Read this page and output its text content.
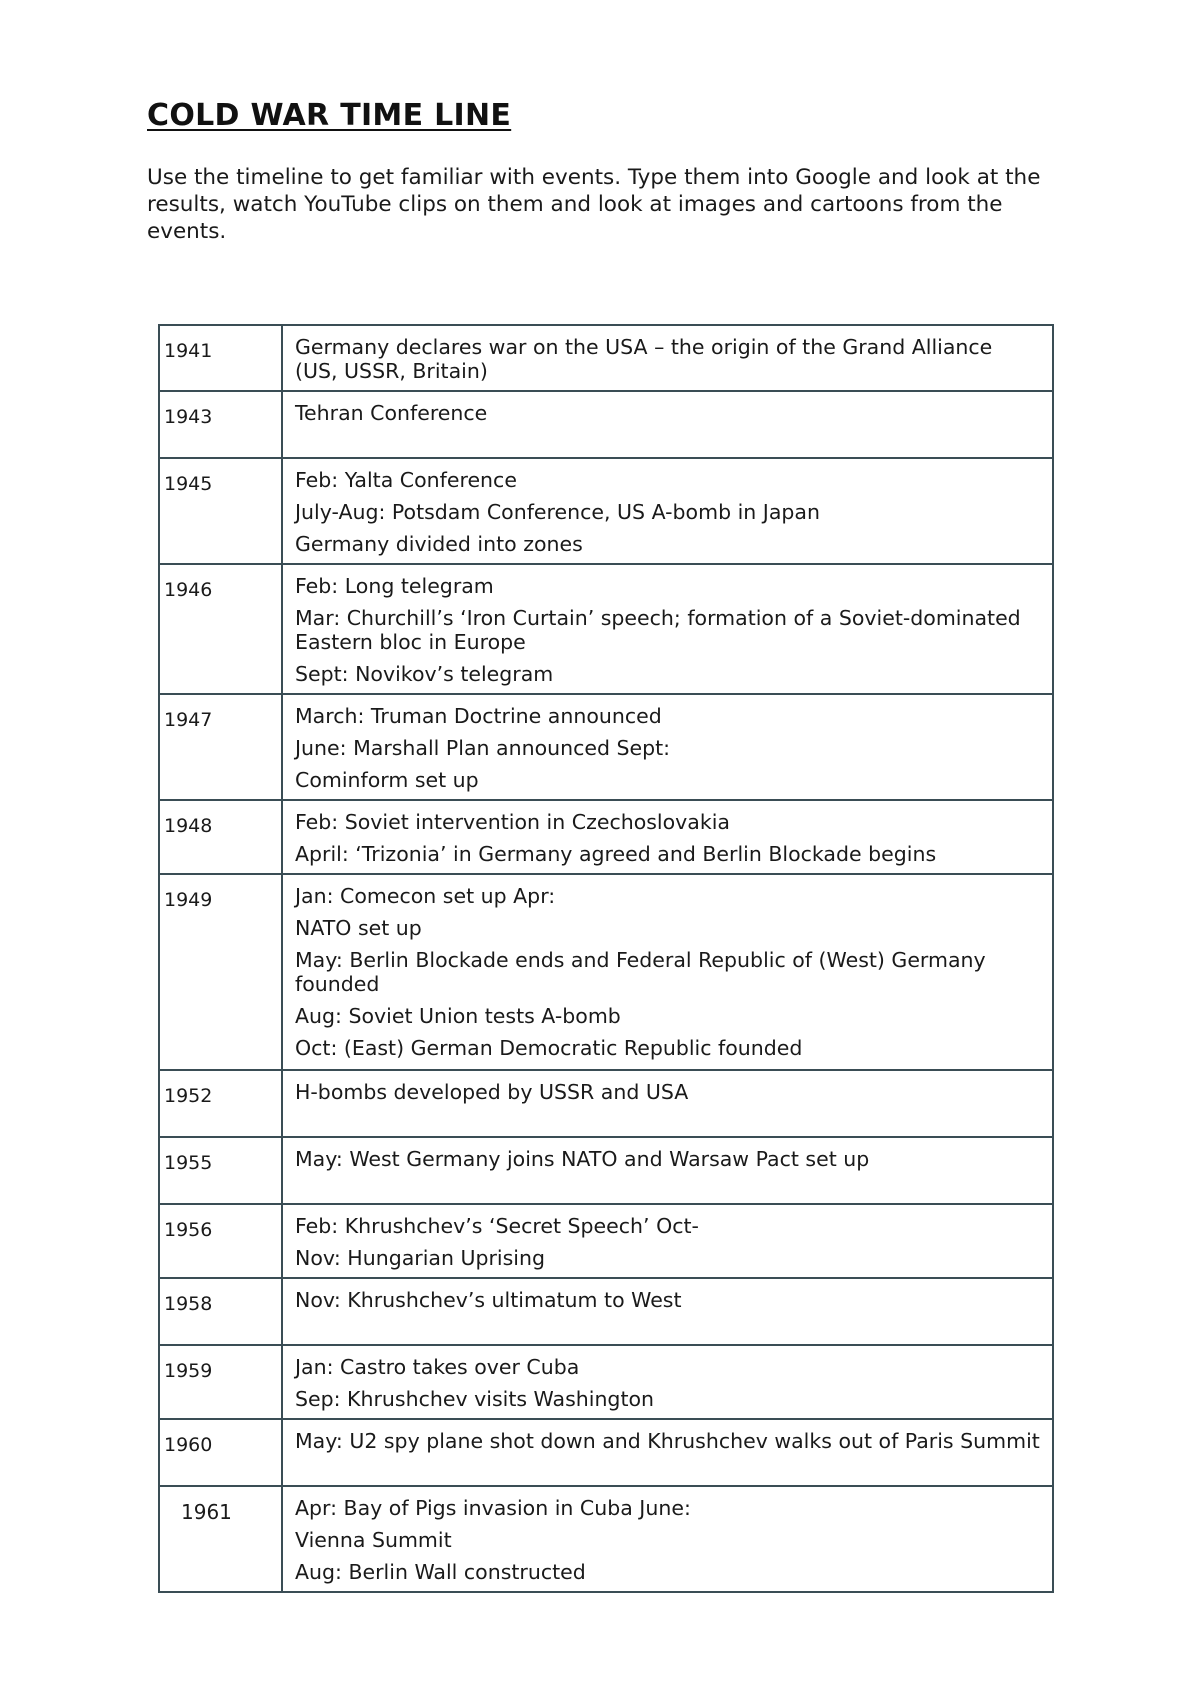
COLD WAR TIME LINE

Use the timeline to get familiar with events. Type them into Google and look at the results, watch YouTube clips on them and look at images and cartoons from the events.

1941	Germany declares war on the USA – the origin of the Grand Alliance (US, USSR, Britain)

1943	Tehran Conference

1945	Feb: Yalta Conference
July-Aug: Potsdam Conference, US A-bomb in Japan
Germany divided into zones

1946	Feb: Long telegram
Mar: Churchill’s ‘Iron Curtain’ speech; formation of a Soviet-dominated Eastern bloc in Europe
Sept: Novikov’s telegram

1947	March: Truman Doctrine announced
June: Marshall Plan announced Sept:
Cominform set up

1948	Feb: Soviet intervention in Czechoslovakia
April: ‘Trizonia’ in Germany agreed and Berlin Blockade begins

1949	Jan: Comecon set up Apr:
NATO set up
May: Berlin Blockade ends and Federal Republic of (West) Germany founded
Aug: Soviet Union tests A-bomb
Oct: (East) German Democratic Republic founded

1952	H-bombs developed by USSR and USA

1955	May: West Germany joins NATO and Warsaw Pact set up

1956	Feb: Khrushchev’s ‘Secret Speech’ Oct-
Nov: Hungarian Uprising

1958	Nov: Khrushchev’s ultimatum to West

1959	Jan: Castro takes over Cuba
Sep: Khrushchev visits Washington

1960	May: U2 spy plane shot down and Khrushchev walks out of Paris Summit

1961	Apr: Bay of Pigs invasion in Cuba June:
Vienna Summit
Aug: Berlin Wall constructed
